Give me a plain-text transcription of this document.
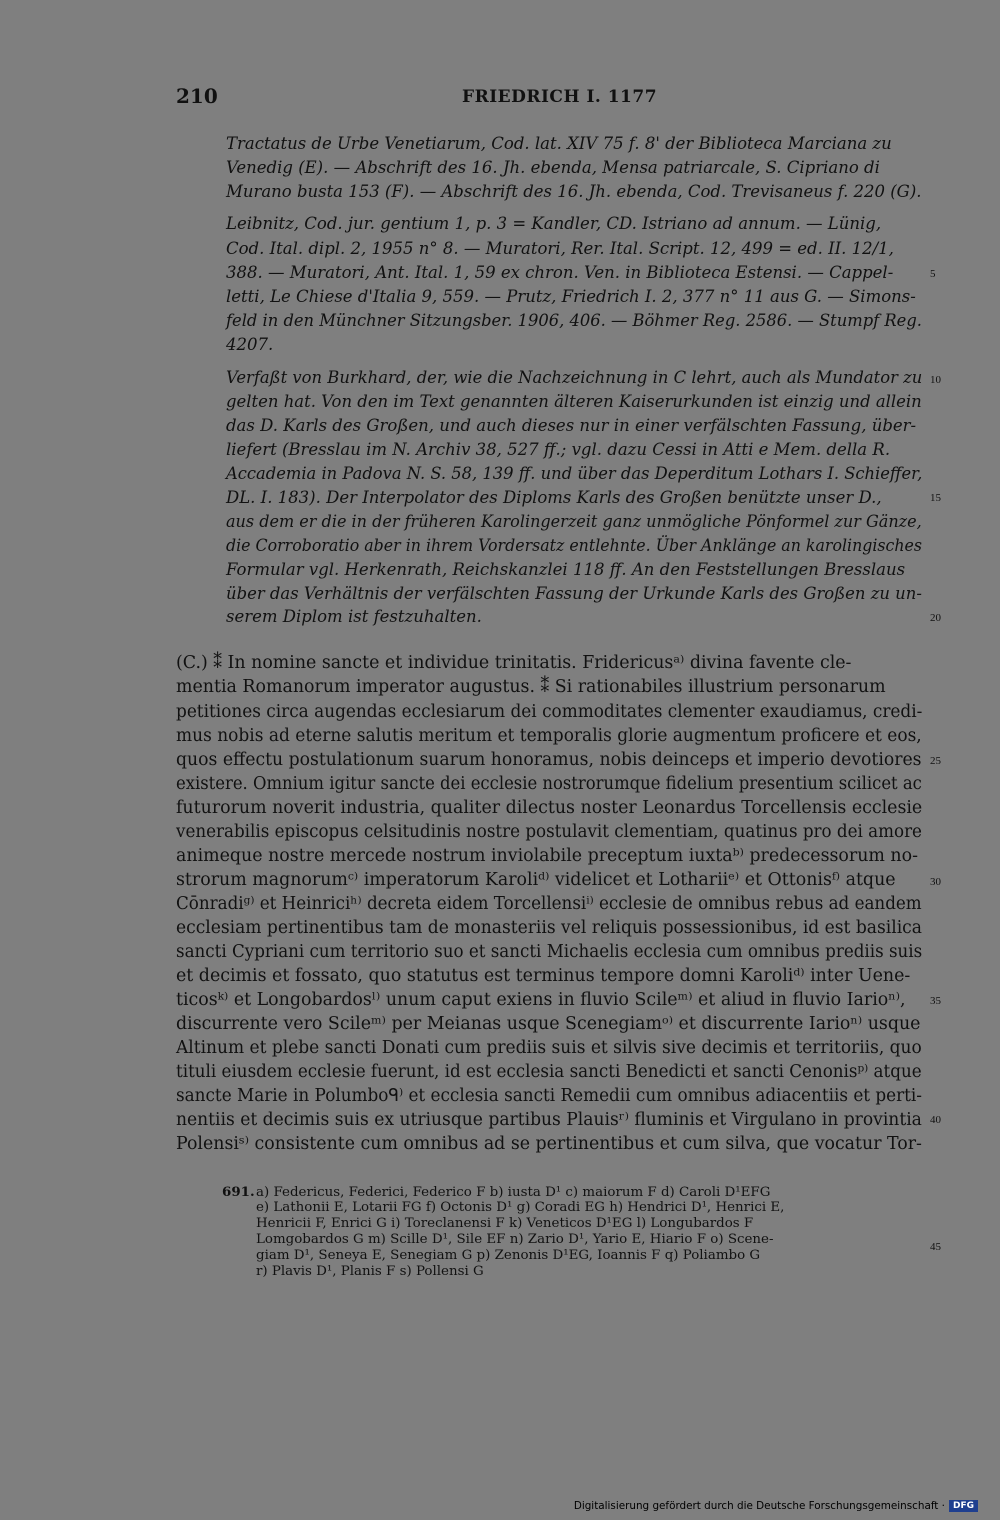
210	FRIEDRICH I. 1177
Tractatus de Urbe Venetiarum, Cod. lat. XIV 75 f. 8' der Biblioteca Marciana zu
Venedig (E). — Abschrift des 16. Jh. ebenda, Mensa patriarcale, S. Cipriano di
Murano busta 153 (F). — Abschrift des 16. Jh. ebenda, Cod. Trevisaneus f. 220 (G).
Leibnitz, Cod. jur. gentium 1, p. 3 = Kandler, CD. Istriano ad annum. — Lünig,
Cod. Ital. dipl. 2, 1955 n° 8. — Muratori, Rer. Ital. Script. 12, 499 = ed. II. 12/1,
388. — Muratori, Ant. Ital. 1, 59 ex chron. Ven. in Biblioteca Estensi. — Cappel-
letti, Le Chiese d'Italia 9, 559. — Prutz, Friedrich I. 2, 377 n° 11 aus G. — Simons-
feld in den Münchner Sitzungsber. 1906, 406. — Böhmer Reg. 2586. — Stumpf Reg.
4207.
Verfaßt von Burkhard, der, wie die Nachzeichnung in C lehrt, auch als Mundator zu
gelten hat. Von den im Text genannten älteren Kaiserurkunden ist einzig und allein
das D. Karls des Großen, und auch dieses nur in einer verfälschten Fassung, über-
liefert (Bresslau im N. Archiv 38, 527 ff.; vgl. dazu Cessi in Atti e Mem. della R.
Accademia in Padova N. S. 58, 139 ff. und über das Deperditum Lothars I. Schieffer,
DL. I. 183). Der Interpolator des Diploms Karls des Großen benützte unser D.,
aus dem er die in der früheren Karolingerzeit ganz unmögliche Pönformel zur Gänze,
die Corroboratio aber in ihrem Vordersatz entlehnte. Über Anklänge an karolingisches
Formular vgl. Herkenrath, Reichskanzlei 118 ff. An den Feststellungen Bresslaus
über das Verhältnis der verfälschten Fassung der Urkunde Karls des Großen zu un-
serem Diplom ist festzuhalten.
(C.) ⁑ In nomine sancte et individue trinitatis. Fridericusᵃ⁾ divina favente cle-
mentia Romanorum imperator augustus. ⁑ Si rationabiles illustrium personarum
petitiones circa augendas ecclesiarum dei commoditates clementer exaudiamus, credi-
mus nobis ad eterne salutis meritum et temporalis glorie augmentum proficere et eos,
quos effectu postulationum suarum honoramus, nobis deinceps et imperio devotiores
existere. Omnium igitur sancte dei ecclesie nostrorumque fidelium presentium scilicet ac
futurorum noverit industria, qualiter dilectus noster Leonardus Torcellensis ecclesie
venerabilis episcopus celsitudinis nostre postulavit clementiam, quatinus pro dei amore
animeque nostre mercede nostrum inviolabile preceptum iuxtaᵇ⁾ predecessorum no-
strorum magnorumᶜ⁾ imperatorum Karoliᵈ⁾ videlicet et Lothariiᵉ⁾ et Ottonisᶠ⁾ atque
Cōnradiᵍ⁾ et Heinriciʰ⁾ decreta eidem Torcellensiⁱ⁾ ecclesie de omnibus rebus ad eandem
ecclesiam pertinentibus tam de monasteriis vel reliquis possessionibus, id est basilica
sancti Cypriani cum territorio suo et sancti Michaelis ecclesia cum omnibus prediis suis
et decimis et fossato, quo statutus est terminus tempore domni Karoliᵈ⁾ inter Uene-
ticosᵏ⁾ et Longobardosˡ⁾ unum caput exiens in fluvio Scileᵐ⁾ et aliud in fluvio Iarioⁿ⁾,
discurrente vero Scileᵐ⁾ per Meianas usque Scenegiamᵒ⁾ et discurrente Iarioⁿ⁾ usque
Altinum et plebe sancti Donati cum prediis suis et silvis sive decimis et territoriis, quo
tituli eiusdem ecclesie fuerunt, id est ecclesia sancti Benedicti et sancti Cenonisᵖ⁾ atque
sancte Marie in Polumboᑫ⁾ et ecclesia sancti Remedii cum omnibus adiacentiis et perti-
nentiis et decimis suis ex utriusque partibus Plauisʳ⁾ fluminis et Virgulano in provintia
Polensiˢ⁾ consistente cum omnibus ad se pertinentibus et cum silva, que vocatur Tor-
691. a) Federicus, Federici, Federico F b) iusta D¹ c) maiorum F d) Caroli D¹EFG
e) Lathonii E, Lotarii FG f) Octonis D¹ g) Coradi EG h) Hendrici D¹, Henrici E,
Henricii F, Enrici G i) Toreclanensi F k) Veneticos D¹EG l) Longubardos F
Lomgobardos G m) Scille D¹, Sile EF n) Zario D¹, Yario E, Hiario F o) Scene-
giam D¹, Seneya E, Senegiam G p) Zenonis D¹EG, Ioannis F q) Poliambo G
r) Plavis D¹, Planis F s) Pollensi G
5
10
15
20
25
30
35
40
45
Digitalisierung gefördert durch die Deutsche Forschungsgemeinschaft · DFG
